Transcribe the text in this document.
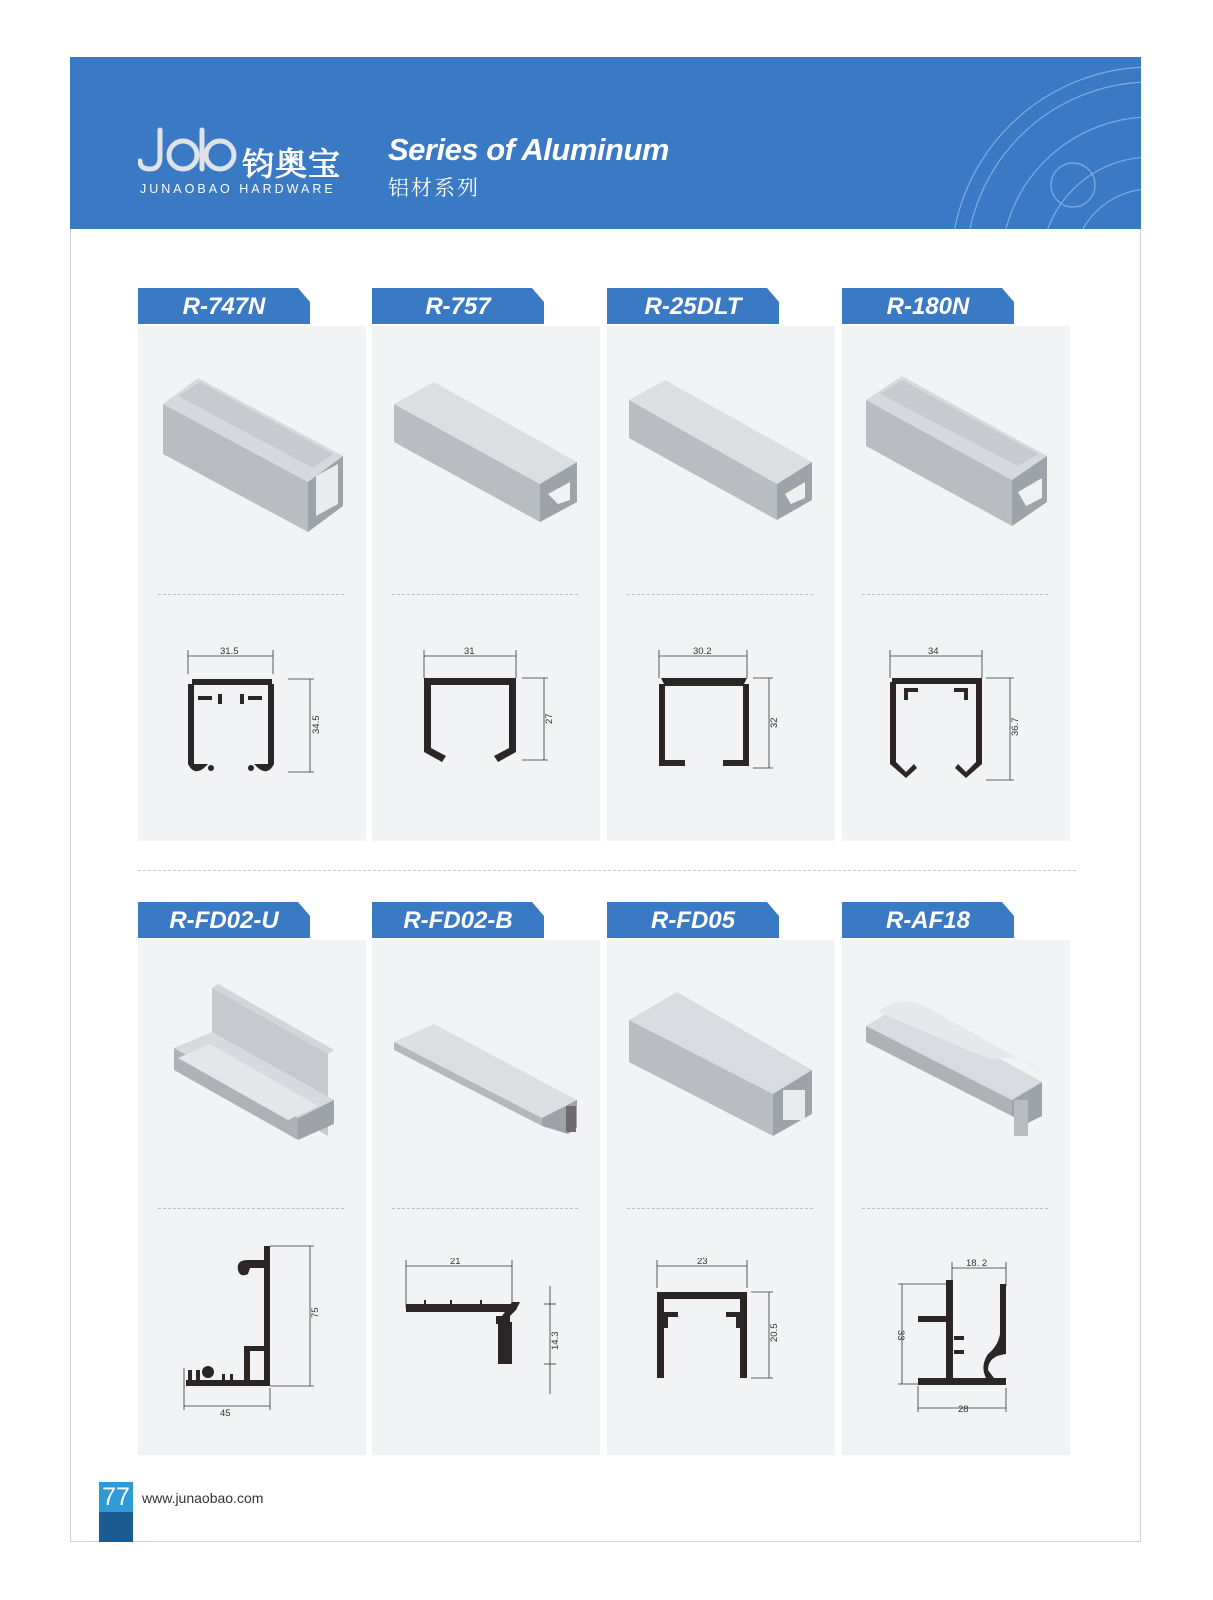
钧奥宝
JUNAOBAO HARDWARE
Series of Aluminum
铝材系列
31.5
34.5
R-747N
31
27
R-757
30.2
32
R-25DLT
34
36.7
R-180N
75
45
R-FD02-U
21
14.3
R-FD02-B
23
20.5
R-FD05
18. 2
33
28
R-AF18
77 www.junaobao.com
